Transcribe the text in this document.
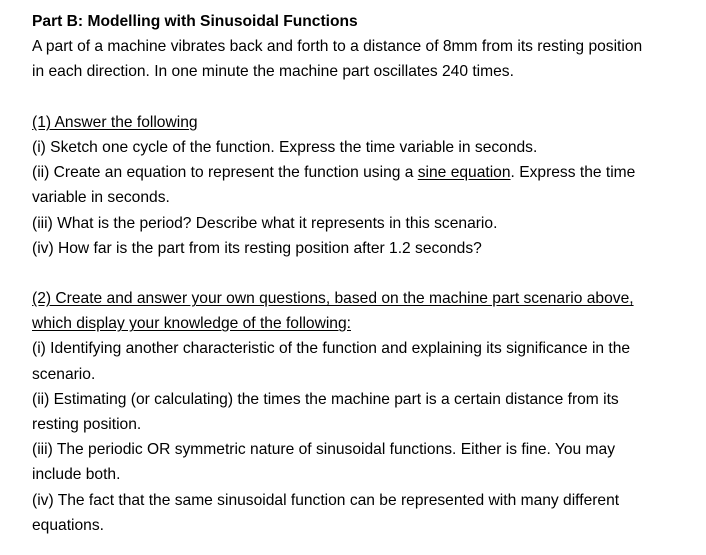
Part B: Modelling with Sinusoidal Functions
A part of a machine vibrates back and forth to a distance of 8mm from its resting position
in each direction. In one minute the machine part oscillates 240 times.
(1) Answer the following
(i) Sketch one cycle of the function. Express the time variable in seconds.
(ii) Create an equation to represent the function using a sine equation. Express the time
variable in seconds.
(iii) What is the period? Describe what it represents in this scenario.
(iv) How far is the part from its resting position after 1.2 seconds?
(2) Create and answer your own questions, based on the machine part scenario above,
which display your knowledge of the following:
(i) Identifying another characteristic of the function and explaining its significance in the
scenario.
(ii) Estimating (or calculating) the times the machine part is a certain distance from its
resting position.
(iii) The periodic OR symmetric nature of sinusoidal functions. Either is fine. You may
include both.
(iv) The fact that the same sinusoidal function can be represented with many different
equations.
